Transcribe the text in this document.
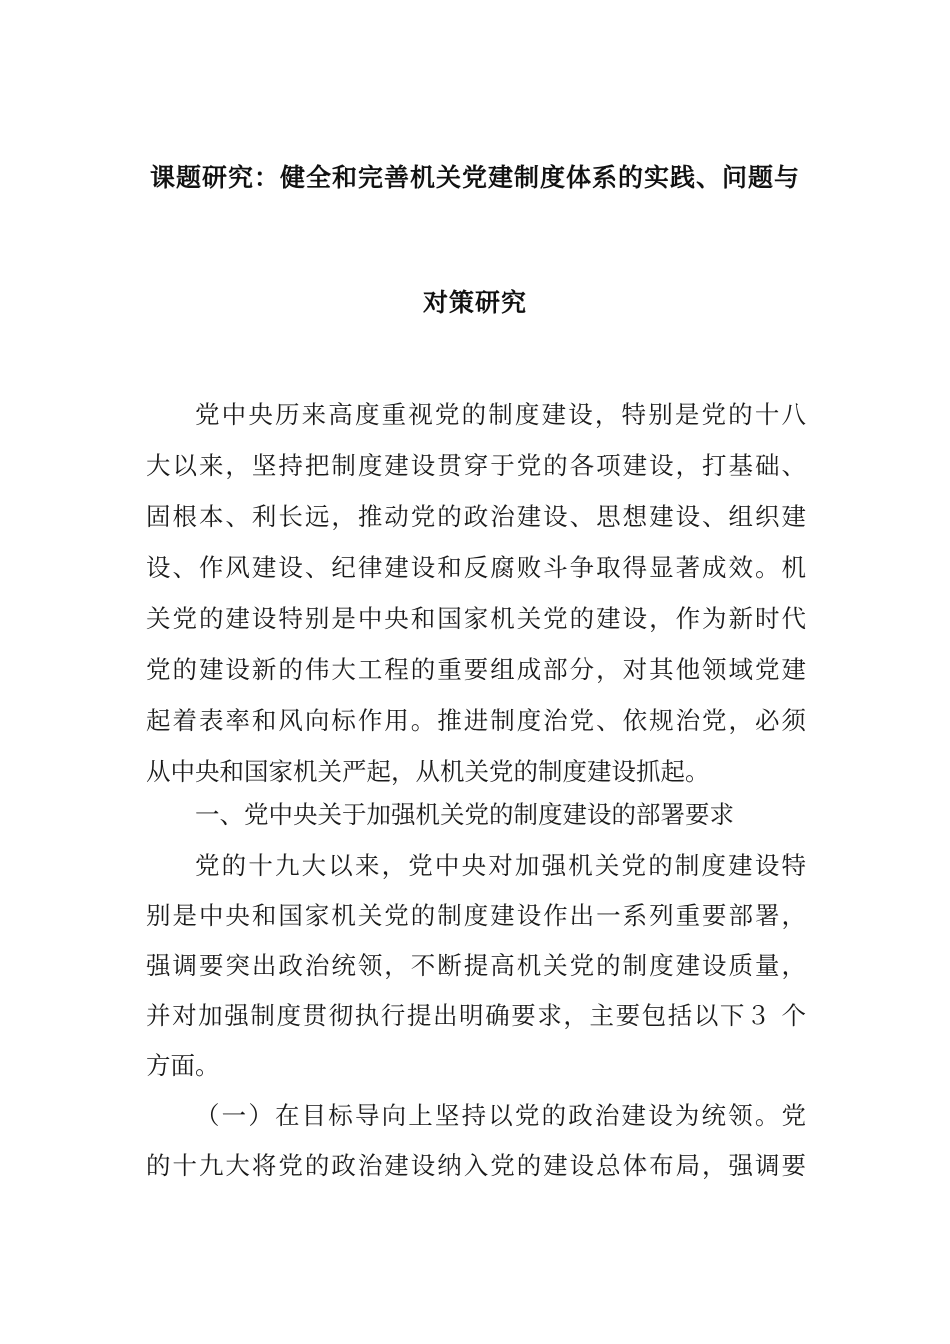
课题研究：健全和完善机关党建制度体系的实践、问题与
对策研究
党中央历来高度重视党的制度建设，特别是党的十八
大以来，坚持把制度建设贯穿于党的各项建设，打基础、
固根本、利长远，推动党的政治建设、思想建设、组织建
设、作风建设、纪律建设和反腐败斗争取得显著成效。机
关党的建设特别是中央和国家机关党的建设，作为新时代
党的建设新的伟大工程的重要组成部分，对其他领域党建
起着表率和风向标作用。推进制度治党、依规治党，必须
从中央和国家机关严起，从机关党的制度建设抓起。
一、党中央关于加强机关党的制度建设的部署要求
党的十九大以来，党中央对加强机关党的制度建设特
别是中央和国家机关党的制度建设作出一系列重要部署，
强调要突出政治统领，不断提高机关党的制度建设质量，
并对加强制度贯彻执行提出明确要求，主要包括以下３ 个
方面。
（一）在目标导向上坚持以党的政治建设为统领。党
的十九大将党的政治建设纳入党的建设总体布局，强调要
